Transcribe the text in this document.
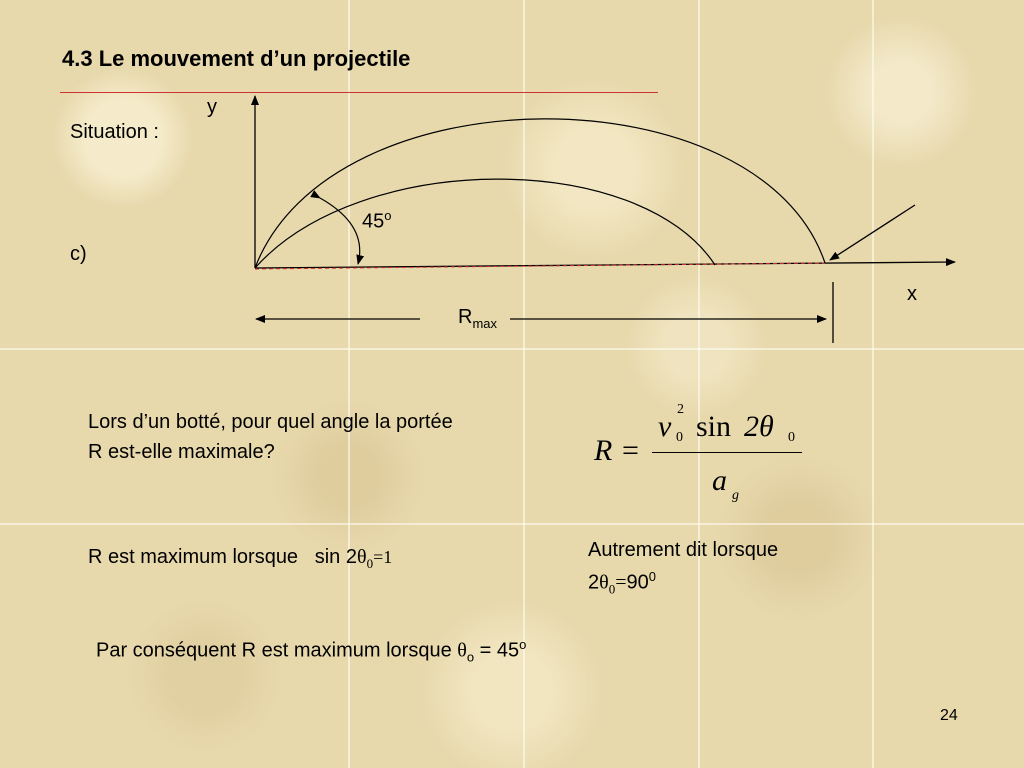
4.3 Le mouvement d’un projectile
Situation :
c)
y
x
45$^o$
$R_{max}$
Lors d’un botté, pour quel angle la portée
R est-elle maximale?	R =
v
2
0 sin 2θ 0
a g
R est maximum lorsque $\sin 2\theta_0=1$	Autrement dit lorsque
$2\theta_0=90^0$
Par conséquent R est maximum lorsque $\theta_o = 45^o$
24
